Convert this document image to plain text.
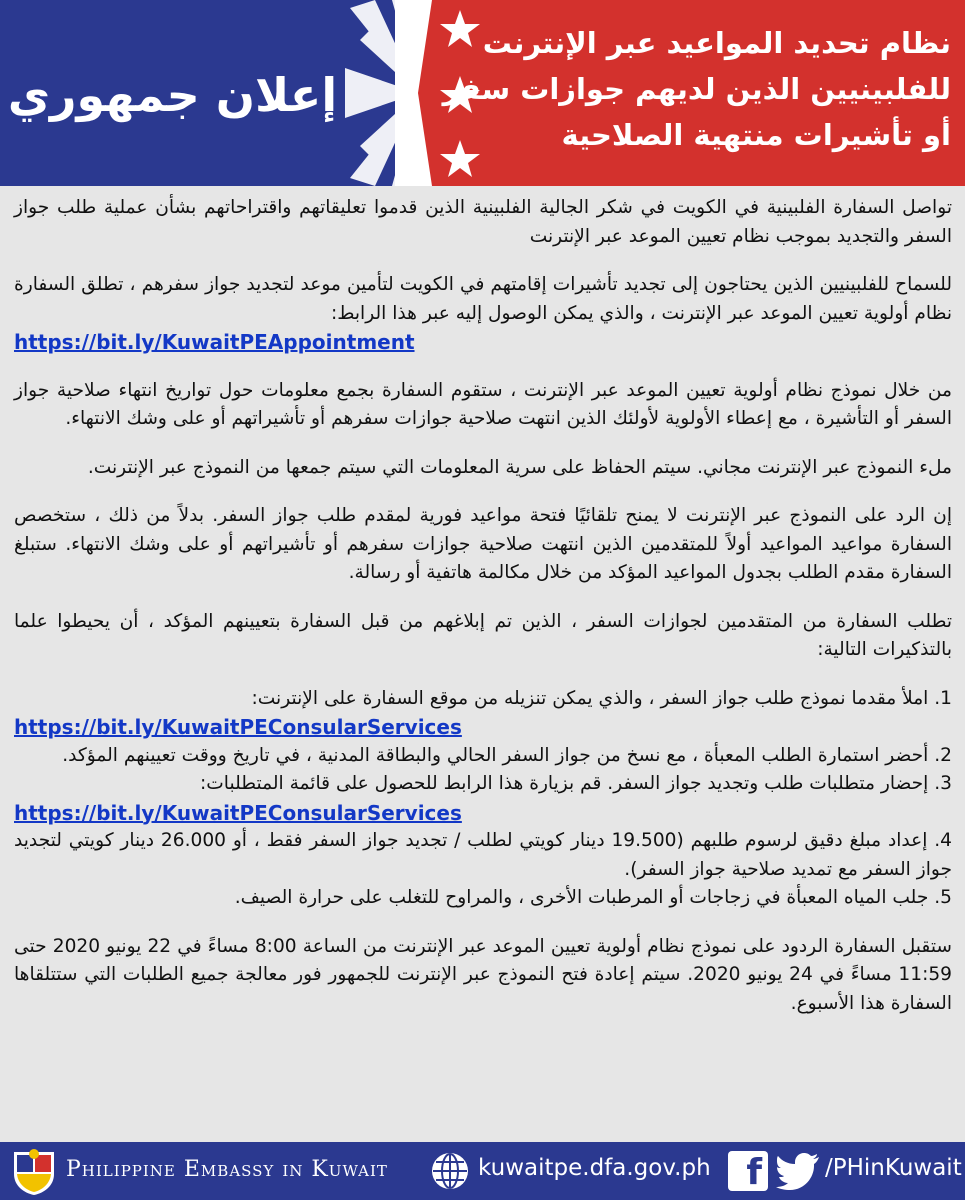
إعلان جمهوري
نظام تحديد المواعيد عبر الإنترنت
للفلبينيين الذين لديهم جوازات سفر
أو تأشيرات منتهية الصلاحية

تواصل السفارة الفلبينية في الكويت في شكر الجالية الفلبينية الذين قدموا تعليقاتهم واقتراحاتهم بشأن عملية طلب جواز السفر والتجديد بموجب نظام تعيين الموعد عبر الإنترنت

للسماح للفلبينيين الذين يحتاجون إلى تجديد تأشيرات إقامتهم في الكويت لتأمين موعد لتجديد جواز سفرهم ، تطلق السفارة نظام أولوية تعيين الموعد عبر الإنترنت ، والذي يمكن الوصول إليه عبر هذا الرابط:
https://bit.ly/KuwaitPEAppointment

من خلال نموذج نظام أولوية تعيين الموعد عبر الإنترنت ، ستقوم السفارة بجمع معلومات حول تواريخ انتهاء صلاحية جواز السفر أو التأشيرة ، مع إعطاء الأولوية لأولئك الذين انتهت صلاحية جوازات سفرهم أو تأشيراتهم أو على وشك الانتهاء.

ملء النموذج عبر الإنترنت مجاني. سيتم الحفاظ على سرية المعلومات التي سيتم جمعها من النموذج عبر الإنترنت.

إن الرد على النموذج عبر الإنترنت لا يمنح تلقائيًا فتحة مواعيد فورية لمقدم طلب جواز السفر. بدلاً من ذلك ، ستخصص السفارة مواعيد المواعيد أولاً للمتقدمين الذين انتهت صلاحية جوازات سفرهم أو تأشيراتهم أو على وشك الانتهاء. ستبلغ السفارة مقدم الطلب بجدول المواعيد المؤكد من خلال مكالمة هاتفية أو رسالة.

تطلب السفارة من المتقدمين لجوازات السفر ، الذين تم إبلاغهم من قبل السفارة بتعيينهم المؤكد ، أن يحيطوا علما بالتذكيرات التالية:

1. املأ مقدما نموذج طلب جواز السفر ، والذي يمكن تنزيله من موقع السفارة على الإنترنت:
https://bit.ly/KuwaitPEConsularServices
2. أحضر استمارة الطلب المعبأة ، مع نسخ من جواز السفر الحالي والبطاقة المدنية ، في تاريخ ووقت تعيينهم المؤكد.
3. إحضار متطلبات طلب وتجديد جواز السفر. قم بزيارة هذا الرابط للحصول على قائمة المتطلبات:
https://bit.ly/KuwaitPEConsularServices
4. إعداد مبلغ دقيق لرسوم طلبهم (19.500 دينار كويتي لطلب / تجديد جواز السفر فقط ، أو 26.000 دينار كويتي لتجديد جواز السفر مع تمديد صلاحية جواز السفر).
5. جلب المياه المعبأة في زجاجات أو المرطبات الأخرى ، والمراوح للتغلب على حرارة الصيف.

ستقبل السفارة الردود على نموذج نظام أولوية تعيين الموعد عبر الإنترنت من الساعة 8:00 مساءً في 22 يونيو 2020 حتى 11:59 مساءً في 24 يونيو 2020. سيتم إعادة فتح النموذج عبر الإنترنت للجمهور فور معالجة جميع الطلبات التي ستتلقاها السفارة هذا الأسبوع.

Philippine Embassy in Kuwait	kuwaitpe.dfa.gov.ph f	/PHinKuwait
